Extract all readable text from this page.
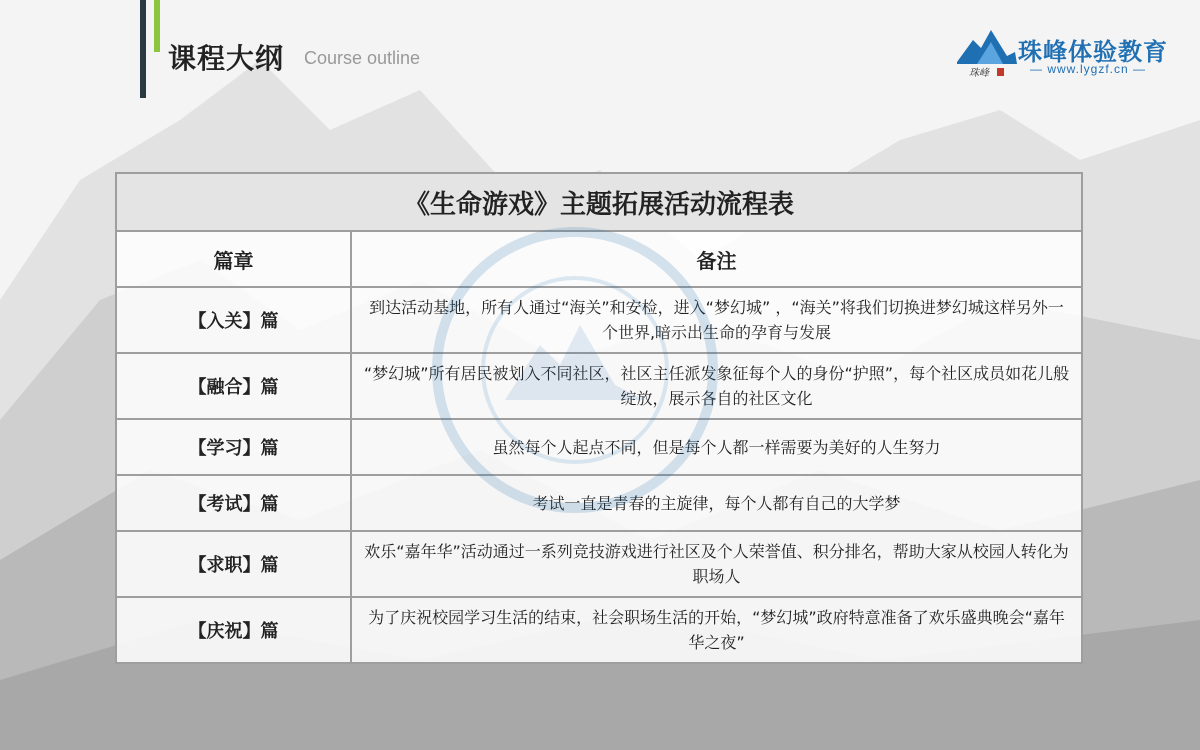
课程大纲 Course outline
珠峰
珠峰体验教育
— www.lygzf.cn —
《生命游戏》主题拓展活动流程表	
篇章	备注
【入关】篇	到达活动基地，所有人通过“海关”和安检，进入“梦幻城” ，“海关”将我们切换进梦幻城这样另外一个世界,暗示出生命的孕育与发展
【融合】篇	“梦幻城”所有居民被划入不同社区，社区主任派发象征每个人的身份“护照”，每个社区成员如花儿般绽放，展示各自的社区文化
【学习】篇	虽然每个人起点不同，但是每个人都一样需要为美好的人生努力
【考试】篇	考试一直是青春的主旋律，每个人都有自己的大学梦
【求职】篇	欢乐“嘉年华”活动通过一系列竞技游戏进行社区及个人荣誉值、积分排名，帮助大家从校园人转化为职场人
【庆祝】篇	为了庆祝校园学习生活的结束，社会职场生活的开始，“梦幻城”政府特意准备了欢乐盛典晚会“嘉年华之夜”
